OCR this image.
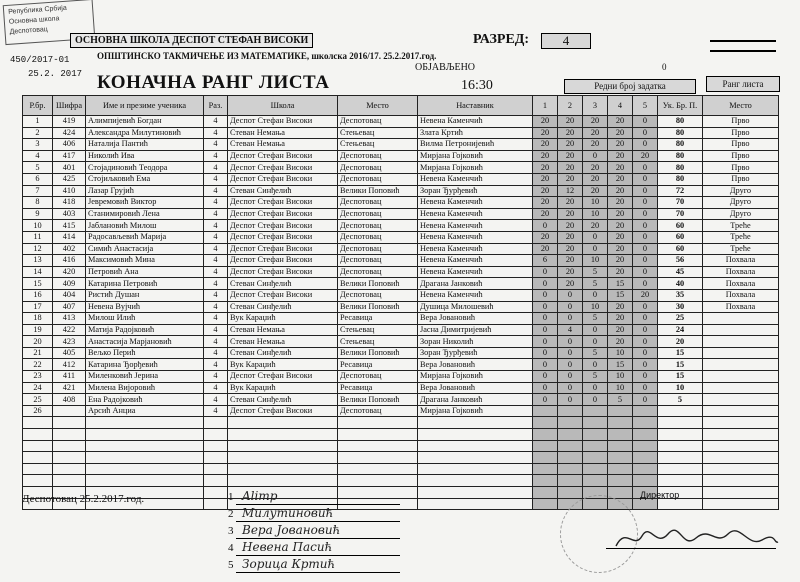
Република Србија
Основна школа
Деспотовац
ОСНОВНА ШКОЛА ДЕСПОТ СТЕФАН ВИСОКИ
ОПШТИНСКО ТАКМИЧЕЊЕ ИЗ МАТЕМАТИКЕ, школска 2016/17. 25.2.2017.год.
450/2017-01
25.2. 2017
РАЗРЕД:	4
ОБЈАВЉЕНО	0
КОНАЧНА РАНГ ЛИСТА	16:30	Редни број задатка	Ранг листа
Р.бр.	Шифра	Име и презиме ученика	Раз.	Школа	Место	Наставник	1	2	3	4	5	Ук. Бр. П.	Место
1	419	Алимпијевић Богдан	4	Деспот Стефан Високи	Деспотовац	Невена Каменчић	20	20	20	20	0	80	Прво
2	424	Александра Милутиновић	4	Стеван Немања	Стењевац	Злата Кртић	20	20	20	20	0	80	Прво
3	406	Наталија Пантић	4	Стеван Немања	Стењевац	Вилма Петронијевић	20	20	20	20	0	80	Прво
4	417	Николић Ива	4	Деспот Стефан Високи	Деспотовац	Мирјана Гојковић	20	20	0	20	20	80	Прво
5	401	Стојадиновић Теодора	4	Деспот Стефан Високи	Деспотовац	Мирјана Гојковић	20	20	20	20	0	80	Прво
6	425	Стојиљковић Ема	4	Деспот Стефан Високи	Деспотовац	Невена Каменчић	20	20	20	20	0	80	Прво
7	410	Лазар Грујић	4	Стеван Синђелић	Велики Поповић	Зоран Ђурђевић	20	12	20	20	0	72	Друго
8	418	Јевремовић Виктор	4	Деспот Стефан Високи	Деспотовац	Невена Каменчић	20	20	10	20	0	70	Друго
9	403	Станимировић Лена	4	Деспот Стефан Високи	Деспотовац	Невена Каменчић	20	20	10	20	0	70	Друго
10	415	Јаблановић Милош	4	Деспот Стефан Високи	Деспотовац	Невена Каменчић	0	20	20	20	0	60	Треће
11	414	Радосављевић Марија	4	Деспот Стефан Високи	Деспотовац	Невена Каменчић	20	20	0	20	0	60	Треће
12	402	Симић Анастасија	4	Деспот Стефан Високи	Деспотовац	Невена Каменчић	20	20	0	20	0	60	Треће
13	416	Максимовић Мина	4	Деспот Стефан Високи	Деспотовац	Невена Каменчић	6	20	10	20	0	56	Похвала
14	420	Петровић Ана	4	Деспот Стефан Високи	Деспотовац	Невена Каменчић	0	20	5	20	0	45	Похвала
15	409	Катарина Петровић	4	Стеван Синђелић	Велики Поповић	Драгана Јанковић	0	20	5	15	0	40	Похвала
16	404	Ристић Душан	4	Деспот Стефан Високи	Деспотовац	Невена Каменчић	0	0	0	15	20	35	Похвала
17	407	Невена Вујчић	4	Стеван Синђелић	Велики Поповић	Душица Милошевић	0	0	10	20	0	30	Похвала
18	413	Милош Илић	4	Вук Караџић	Ресавица	Вера Јовановић	0	0	5	20	0	25	
19	422	Матија Радојковић	4	Стеван Немања	Стењевац	Јасна Димитријевић	0	4	0	20	0	24	
20	423	Анастасија Марјановић	4	Стеван Немања	Стењевац	Зоран Николић	0	0	0	20	0	20	
21	405	Вељко Перић	4	Стеван Синђелић	Велики Поповић	Зоран Ђурђевић	0	0	5	10	0	15	
22	412	Катарина Ђорђевић	4	Вук Караџић	Ресавица	Вера Јовановић	0	0	0	15	0	15	
23	411	Миленковић Јерина	4	Деспот Стефан Високи	Деспотовац	Мирјана Гојковић	0	0	5	10	0	15	
24	421	Милена Вијоровић	4	Вук Караџић	Ресавица	Вера Јовановић	0	0	0	10	0	10	
25	408	Ена Радојковић	4	Стеван Синђелић	Велики Поповић	Драгана Јанковић	0	0	0	5	0	5	
26		Арсић Анциа	4	Деспот Стефан Високи	Деспотовац	Мирјана Гојковић							

Деспотовац 25.2.2017.год.	Директор
1 Alimp
2 Милутиновић
3 Вера Јовановић
4 Невена Пасић
5 Зорица Кртић
